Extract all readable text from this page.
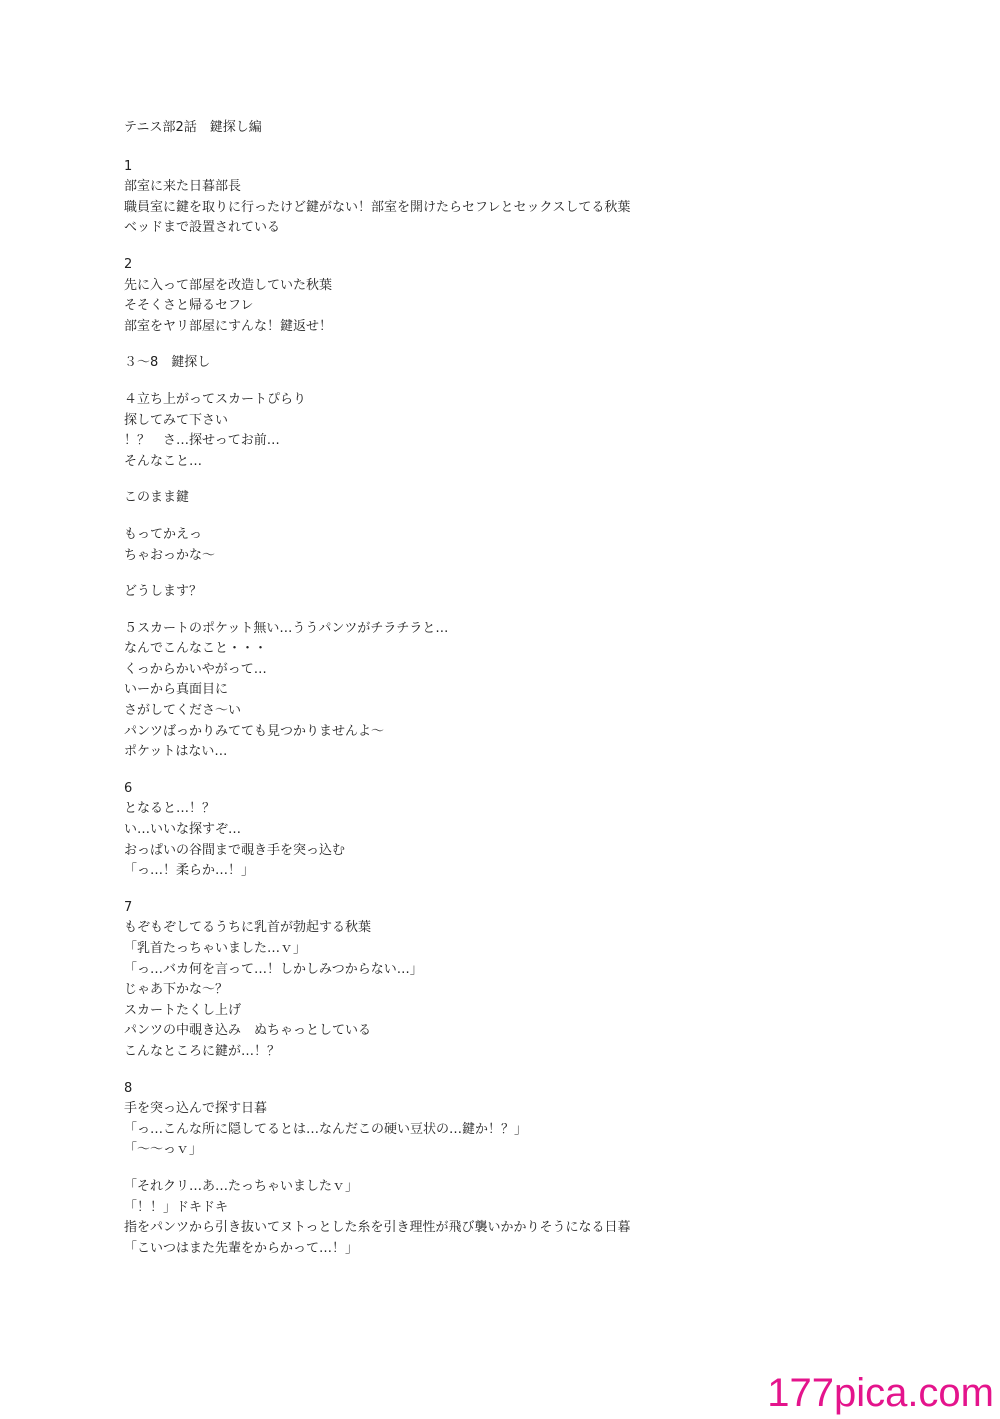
テニス部2話　鍵探し編
1
部室に来た日暮部長
職員室に鍵を取りに行ったけど鍵がない！部室を開けたらセフレとセックスしてる秋葉
ベッドまで設置されている
2
先に入って部屋を改造していた秋葉
そそくさと帰るセフレ
部室をヤリ部屋にすんな！鍵返せ！
３〜8　鍵探し
４立ち上がってスカートぴらり
探してみて下さい
！？　さ…探せってお前…
そんなこと…
このまま鍵
もってかえっ
ちゃおっかな〜
どうします？
５スカートのポケット無い…ううパンツがチラチラと…
なんでこんなこと・・・
くっからかいやがって…
いーから真面目に
さがしてくださ〜い
パンツばっかりみてても見つかりませんよ〜
ポケットはない…
6
となると…！？
い…いいな探すぞ…
おっぱいの谷間まで覗き手を突っ込む
「っ…！柔らか…！」
7
もぞもぞしてるうちに乳首が勃起する秋葉
「乳首たっちゃいました…ｖ」
「っ…バカ何を言って…！しかしみつからない…」
じゃあ下かな〜？
スカートたくし上げ
パンツの中覗き込み　ぬちゃっとしている
こんなところに鍵が…！？
8
手を突っ込んで探す日暮
「っ…こんな所に隠してるとは…なんだこの硬い豆状の…鍵か！？」
「〜〜っｖ」
「それクリ…あ…たっちゃいましたｖ」
「！！」ドキドキ
指をパンツから引き抜いてヌトっとした糸を引き理性が飛び襲いかかりそうになる日暮
「こいつはまた先輩をからかって…！」
177pica.com
